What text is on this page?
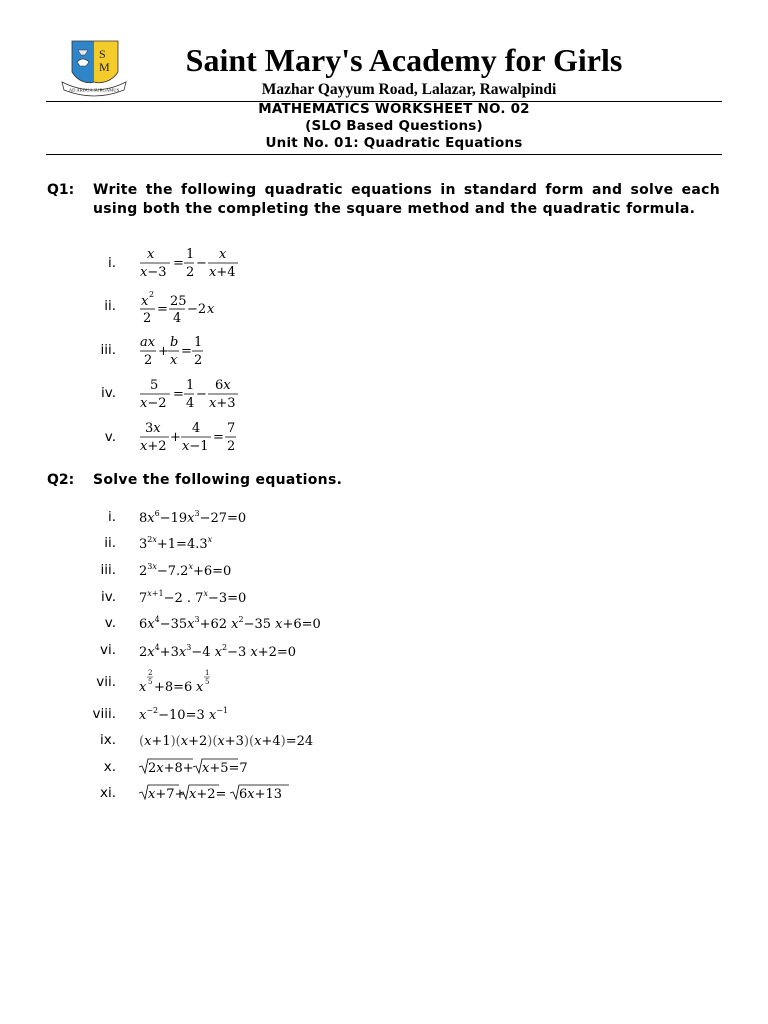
S
M
AD ARDUA SURGAMUS
Saint Mary's Academy for Girls
Mazhar Qayyum Road, Lalazar, Rawalpindi
MATHEMATICS WORKSHEET NO. 02
(SLO Based Questions)
Unit No. 01: Quadratic Equations
Q1: Write the following quadratic equations in standard form and solve each using both the completing the square method and the quadratic formula.
i.
x
x−3
=
1
2
−
x
x+4
ii. x 2
2
=
25
4
−2 x
iii. ax
2
+
b
x
=
1
2
iv.	5
x−2
=
1
4
−
6x
x+3
v.
3x
x+2
+
4
x−1
=
7
2
Q2: Solve the following equations.
i. $8x^6-19x^3-27=0$
ii. $3^2x+1=4.3^x$
iii. $2^3x-7.2^x+6=0$
iv. $7^x+1-2$ . $7^x-3=0$
v. $6x^4-35x^3+62$ $x^2-35$ x+6=0
vi. $2x^4+3x^3-4$ $x^2-3$ x+2=0
vii. x
2
5 +8=6 x
1
5
viii. $x^{-2}-10=3$ $x^{-1}$
ix. (x+1)(x+2)(x+3)(x+4)=24
x. 2x+8+ x+5=7
xi. x+7+ x+2= 6x+13
